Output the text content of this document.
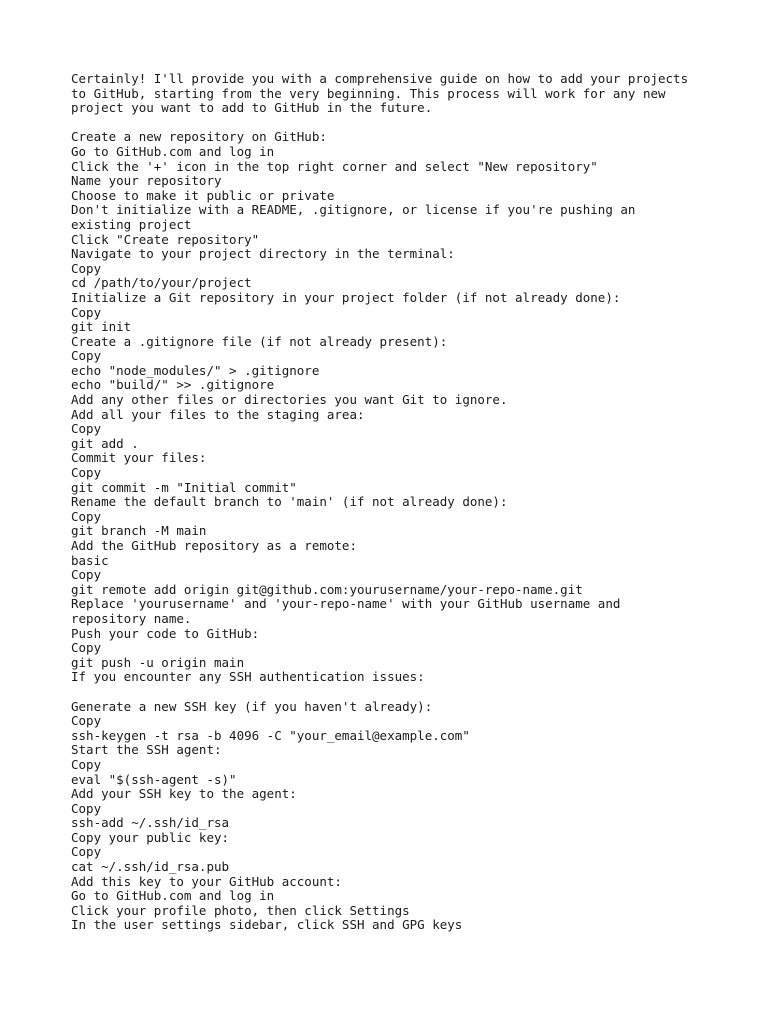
Certainly! I'll provide you with a comprehensive guide on how to add your projects
to GitHub, starting from the very beginning. This process will work for any new
project you want to add to GitHub in the future.
Create a new repository on GitHub:
Go to GitHub.com and log in
Click the '+' icon in the top right corner and select "New repository"
Name your repository
Choose to make it public or private
Don't initialize with a README, .gitignore, or license if you're pushing an
existing project
Click "Create repository"
Navigate to your project directory in the terminal:
Copy
cd /path/to/your/project
Initialize a Git repository in your project folder (if not already done):
Copy
git init
Create a .gitignore file (if not already present):
Copy
echo "node_modules/" > .gitignore
echo "build/" >> .gitignore
Add any other files or directories you want Git to ignore.
Add all your files to the staging area:
Copy
git add .
Commit your files:
Copy
git commit -m "Initial commit"
Rename the default branch to 'main' (if not already done):
Copy
git branch -M main
Add the GitHub repository as a remote:
basic
Copy
git remote add origin git@github.com:yourusername/your-repo-name.git
Replace 'yourusername' and 'your-repo-name' with your GitHub username and
repository name.
Push your code to GitHub:
Copy
git push -u origin main
If you encounter any SSH authentication issues:
Generate a new SSH key (if you haven't already):
Copy
ssh-keygen -t rsa -b 4096 -C "your_email@example.com"
Start the SSH agent:
Copy
eval "$(ssh-agent -s)"
Add your SSH key to the agent:
Copy
ssh-add ~/.ssh/id_rsa
Copy your public key:
Copy
cat ~/.ssh/id_rsa.pub
Add this key to your GitHub account:
Go to GitHub.com and log in
Click your profile photo, then click Settings
In the user settings sidebar, click SSH and GPG keys
